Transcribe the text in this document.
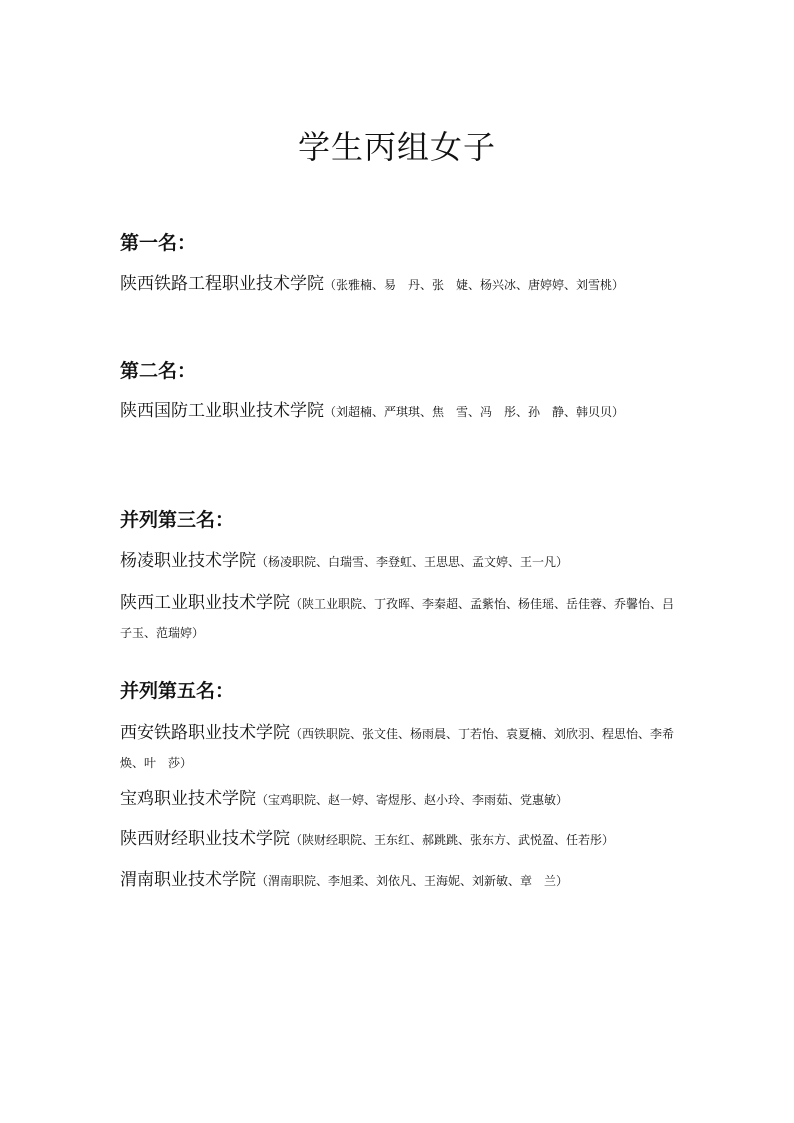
学生丙组女子
第一名：
陕西铁路工程职业技术学院（张雅楠、易　丹、张　婕、杨兴冰、唐婷婷、刘雪桃）
第二名：
陕西国防工业职业技术学院（刘超楠、严琪琪、焦　雪、冯　彤、孙　静、韩贝贝）
并列第三名：
杨凌职业技术学院（杨凌职院、白瑞雪、李登虹、王思思、孟文婷、王一凡）
陕西工业职业技术学院（陕工业职院、丁孜晖、李秦超、孟紫怡、杨佳瑶、岳佳蓉、乔馨怡、吕子玉、范瑞婷）
并列第五名：
西安铁路职业技术学院（西铁职院、张文佳、杨雨晨、丁若怡、袁夏楠、刘欣羽、程思怡、李希焕、叶　莎）
宝鸡职业技术学院（宝鸡职院、赵一婷、寄煜彤、赵小玲、李雨茹、党惠敏）
陕西财经职业技术学院（陕财经职院、王东红、郝跳跳、张东方、武悦盈、任若彤）
渭南职业技术学院（渭南职院、李旭柔、刘依凡、王海妮、刘新敏、章　兰）
